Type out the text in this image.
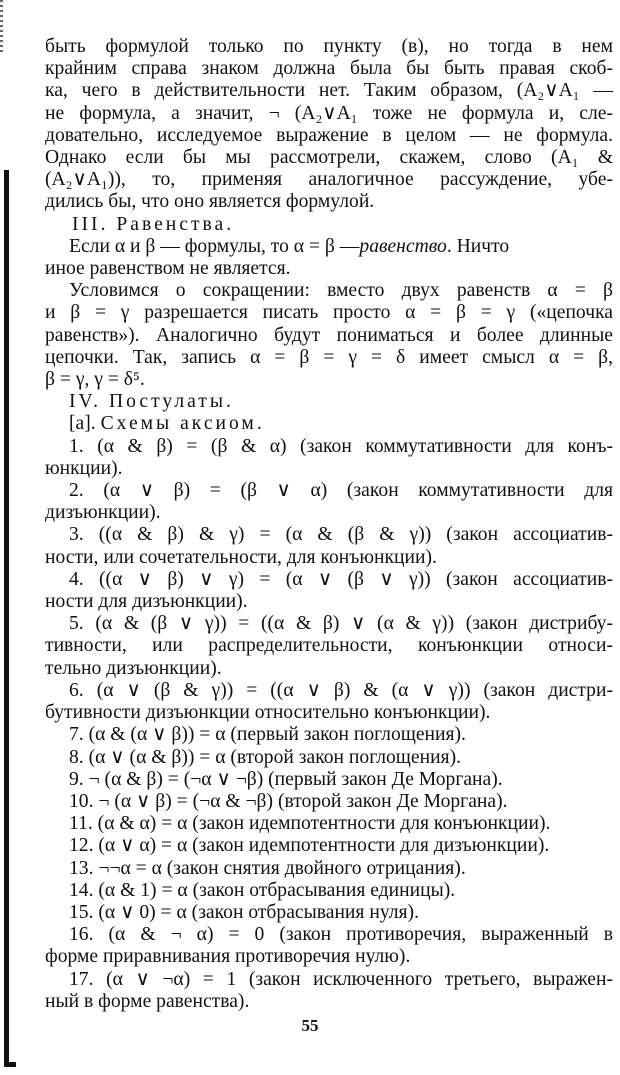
быть формулой только по пункту (в), но тогда в нем
крайним справа знаком должна была бы быть правая скоб-
ка, чего в действительности нет. Таким образом, (A₂∨A₁ —
не формула, а значит, ¬ (A₂∨A₁ тоже не формула и, сле-
довательно, исследуемое выражение в целом — не формула.
Однако если бы мы рассмотрели, скажем, слово (A₁ &
(A₂∨A₁)), то, применяя аналогичное рассуждение, убе-
дились бы, что оно является формулой.
III. Равенства.
Если α и β — формулы, то α = β —равенство. Ничто
иное равенством не является.
Условимся о сокращении: вместо двух равенств α = β
и β = γ разрешается писать просто α = β = γ («цепочка
равенств»). Аналогично будут пониматься и более длинные
цепочки. Так, запись α = β = γ = δ имеет смысл α = β,
β = γ, γ = δ⁵.
IV. Постулаты.
[a]. Схемы аксиом.
1. (α & β) = (β & α) (закон коммутативности для конъ-
юнкции).
2. (α ∨ β) = (β ∨ α) (закон коммутативности для
дизъюнкции).
3. ((α & β) & γ) = (α & (β & γ)) (закон ассоциатив-
ности, или сочетательности, для конъюнкции).
4. ((α ∨ β) ∨ γ) = (α ∨ (β ∨ γ)) (закон ассоциатив-
ности для дизъюнкции).
5. (α & (β ∨ γ)) = ((α & β) ∨ (α & γ)) (закон дистрибу-
тивности, или распределительности, конъюнкции относи-
тельно дизъюнкции).
6. (α ∨ (β & γ)) = ((α ∨ β) & (α ∨ γ)) (закон дистри-
бутивности дизъюнкции относительно конъюнкции).
7. (α & (α ∨ β)) = α (первый закон поглощения).
8. (α ∨ (α & β)) = α (второй закон поглощения).
9. ¬ (α & β) = (¬α ∨ ¬β) (первый закон Де Моргана).
10. ¬ (α ∨ β) = (¬α & ¬β) (второй закон Де Моргана).
11. (α & α) = α (закон идемпотентности для конъюнкции).
12. (α ∨ α) = α (закон идемпотентности для дизъюнкции).
13. ¬¬α = α (закон снятия двойного отрицания).
14. (α & 1) = α (закон отбрасывания единицы).
15. (α ∨ 0) = α (закон отбрасывания нуля).
16. (α & ¬ α) = 0 (закон противоречия, выраженный в
форме приравнивания противоречия нулю).
17. (α ∨ ¬α) = 1 (закон исключенного третьего, выражен-
ный в форме равенства).
55
